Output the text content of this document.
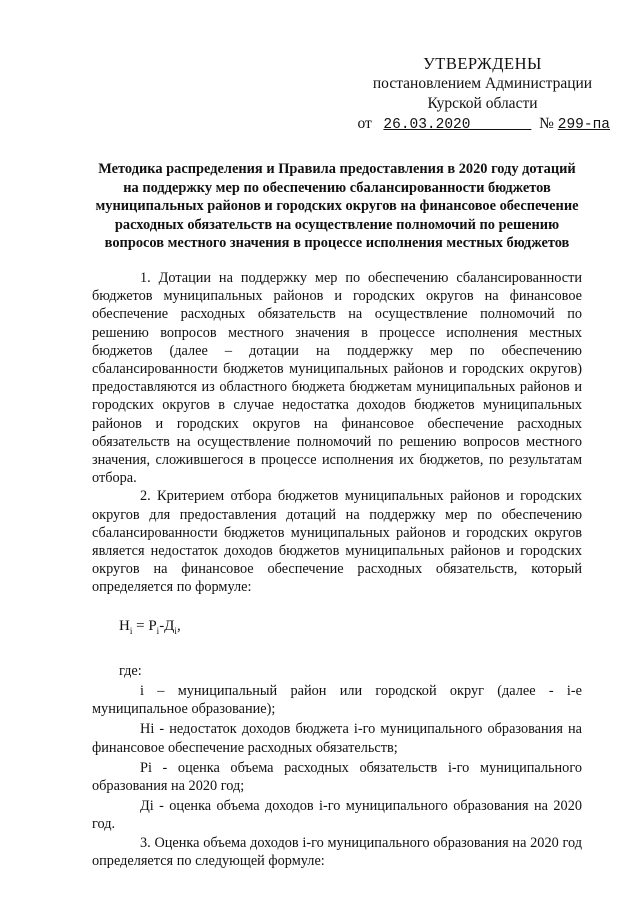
УТВЕРЖДЕНЫ
постановлением Администрации
Курской области
от 26.03.2020	№ 299-па
Методика распределения и Правила предоставления в 2020 году дотаций на поддержку мер по обеспечению сбалансированности бюджетов муниципальных районов и городских округов на финансовое обеспечение расходных обязательств на осуществление полномочий по решению вопросов местного значения в процессе исполнения местных бюджетов

1. Дотации на поддержку мер по обеспечению сбалансированности бюджетов муниципальных районов и городских округов на финансовое обеспечение расходных обязательств на осуществление полномочий по решению вопросов местного значения в процессе исполнения местных бюджетов (далее – дотации на поддержку мер по обеспечению сбалансированности бюджетов муниципальных районов и городских округов) предоставляются из областного бюджета бюджетам муниципальных районов и городских округов в случае недостатка доходов бюджетов муниципальных районов и городских округов на финансовое обеспечение расходных обязательств на осуществление полномочий по решению вопросов местного значения, сложившегося в процессе исполнения их бюджетов, по результатам отбора.

2. Критерием отбора бюджетов муниципальных районов и городских округов для предоставления дотаций на поддержку мер по обеспечению сбалансированности бюджетов муниципальных районов и городских округов является недостаток доходов бюджетов муниципальных районов и городских округов на финансовое обеспечение расходных обязательств, который определяется по формуле:

$Н_i = Р_i-Д_i$,

где:

i – муниципальный район или городской округ (далее - i-е муниципальное образование);

Нi - недостаток доходов бюджета i-го муниципального образования на финансовое обеспечение расходных обязательств;

Рi - оценка объема расходных обязательств i-го муниципального образования на 2020 год;

Дi - оценка объема доходов i-го муниципального образования на 2020 год.

3. Оценка объема доходов i-го муниципального образования на 2020 год определяется по следующей формуле:
